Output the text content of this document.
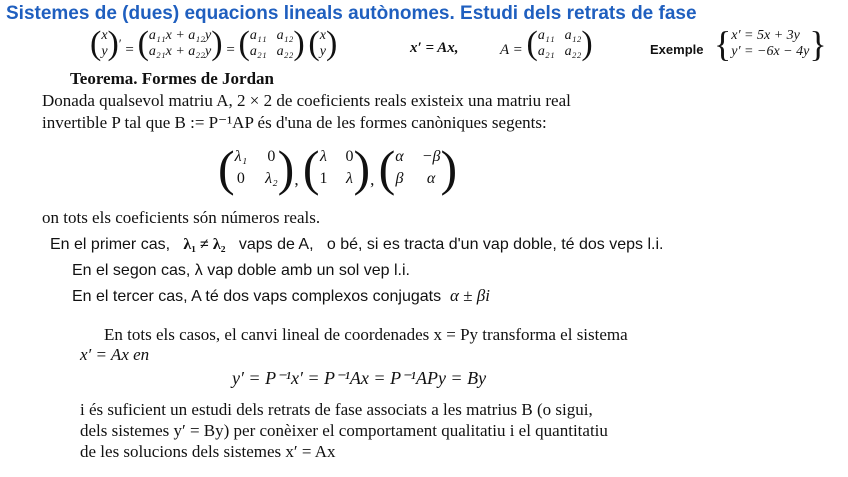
Sistemes de (dues) equacions lineals autònomes. Estudi dels retrats de fase
( x
y ) ′ = ( a₁₁x + a₁₂y
a₂₁x + a₂₂y ) = ( a₁₁ a₁₂
a₂₁ a₂₂ )
( x
y )	x′ = Ax,	A = ( a₁₁ a₁₂
a₂₁ a₂₂ )	Exemple { x′ = 5x + 3y
y′ = −6x − 4y }
Teorema. Formes de Jordan
Donada qualsevol matriu A, 2 × 2 de coeficients reals existeix una matriu real
invertible P tal que B := P⁻¹AP és d'una de les formes canòniques segents:
( λ₁ 0
0 λ₂ ) , ( λ 0
1 λ ) , ( α −β
β	α )
on tots els coeficients són números reals.
En el primer cas, λ₁ ≠ λ₂ vaps de A, o bé, si es tracta d'un vap doble, té dos veps l.i.
En el segon cas, λ vap doble amb un sol vep l.i.
En el tercer cas, A té dos vaps complexos conjugats α ± βi
En tots els casos, el canvi lineal de coordenades x = Py transforma el sistema
x′ = Ax en
y′ = P⁻¹x′ = P⁻¹Ax = P⁻¹APy = By
i és suficient un estudi dels retrats de fase associats a les matrius B (o sigui,
dels sistemes y′ = By) per conèixer el comportament qualitatiu i el quantitatiu
de les solucions dels sistemes x′ = Ax
